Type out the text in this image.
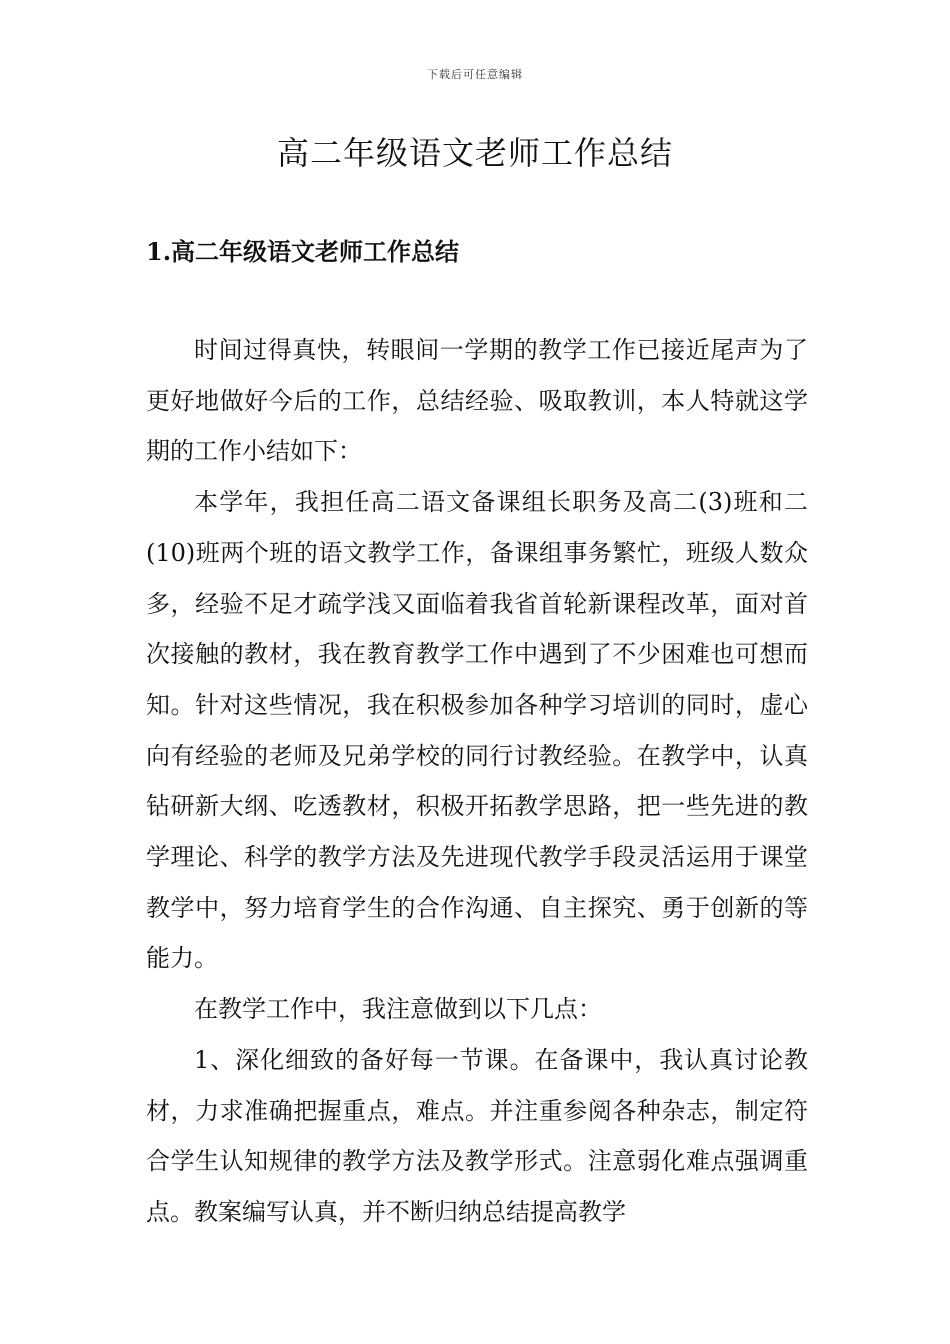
下载后可任意编辑
高二年级语文老师工作总结
1.高二年级语文老师工作总结

时间过得真快，转眼间一学期的教学工作已接近尾声为了更好地做好今后的工作，总结经验、吸取教训，本人特就这学期的工作小结如下：

本学年，我担任高二语文备课组长职务及高二(3)班和二(10)班两个班的语文教学工作，备课组事务繁忙，班级人数众多，经验不足才疏学浅又面临着我省首轮新课程改革，面对首次接触的教材，我在教育教学工作中遇到了不少困难也可想而知。针对这些情况，我在积极参加各种学习培训的同时，虚心向有经验的老师及兄弟学校的同行讨教经验。在教学中，认真钻研新大纲、吃透教材，积极开拓教学思路，把一些先进的教学理论、科学的教学方法及先进现代教学手段灵活运用于课堂教学中，努力培育学生的合作沟通、自主探究、勇于创新的等能力。

在教学工作中，我注意做到以下几点：

1、深化细致的备好每一节课。在备课中，我认真讨论教材，力求准确把握重点，难点。并注重参阅各种杂志，制定符合学生认知规律的教学方法及教学形式。注意弱化难点强调重点。教案编写认真，并不断归纳总结提高教学
